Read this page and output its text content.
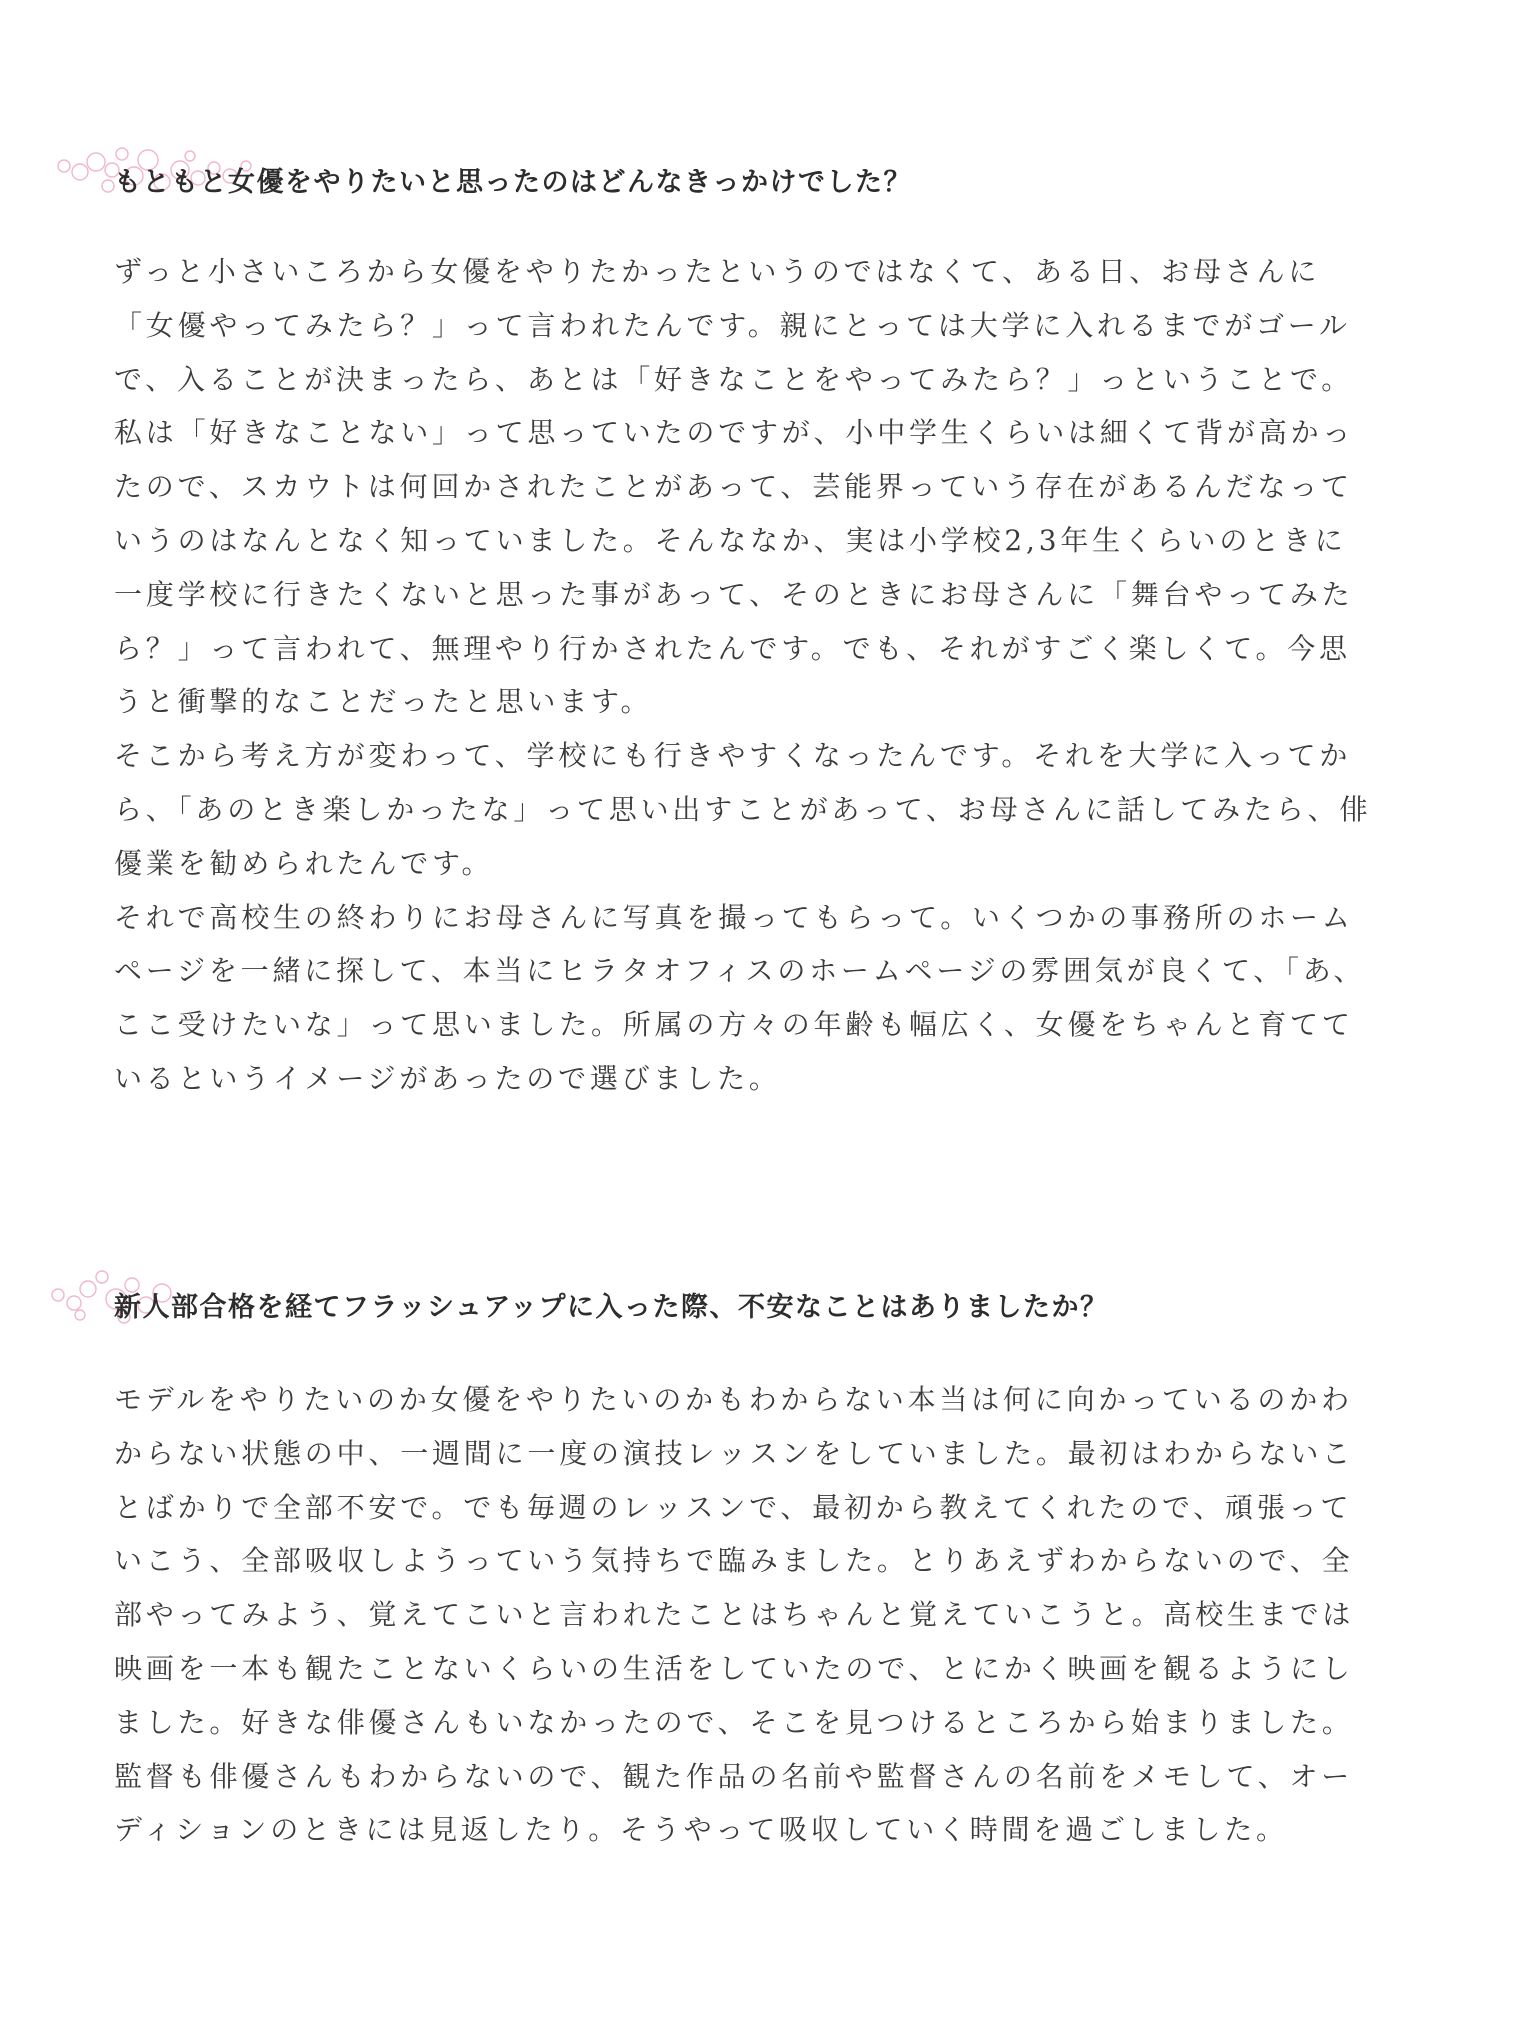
もともと女優をやりたいと思ったのはどんなきっかけでした？

ずっと小さいころから女優をやりたかったというのではなくて、ある日、お母さんに「女優やってみたら？」って言われたんです。親にとっては大学に入れるまでがゴールで、入ることが決まったら、あとは「好きなことをやってみたら？」っということで。私は「好きなことない」って思っていたのですが、小中学生くらいは細くて背が高かったので、スカウトは何回かされたことがあって、芸能界っていう存在があるんだなっていうのはなんとなく知っていました。そんななか、実は小学校2,3年生くらいのときに一度学校に行きたくないと思った事があって、そのときにお母さんに「舞台やってみたら？」って言われて、無理やり行かされたんです。でも、それがすごく楽しくて。今思うと衝撃的なことだったと思います。

そこから考え方が変わって、学校にも行きやすくなったんです。それを大学に入ってから、「あのとき楽しかったな」って思い出すことがあって、お母さんに話してみたら、俳優業を勧められたんです。

それで高校生の終わりにお母さんに写真を撮ってもらって。いくつかの事務所のホームページを一緒に探して、本当にヒラタオフィスのホームページの雰囲気が良くて、「あ、ここ受けたいな」って思いました。所属の方々の年齢も幅広く、女優をちゃんと育てているというイメージがあったので選びました。

新人部合格を経てフラッシュアップに入った際、不安なことはありましたか？

モデルをやりたいのか女優をやりたいのかもわからない本当は何に向かっているのかわからない状態の中、一週間に一度の演技レッスンをしていました。最初はわからないことばかりで全部不安で。でも毎週のレッスンで、最初から教えてくれたので、頑張っていこう、全部吸収しようっていう気持ちで臨みました。とりあえずわからないので、全部やってみよう、覚えてこいと言われたことはちゃんと覚えていこうと。高校生までは映画を一本も観たことないくらいの生活をしていたので、とにかく映画を観るようにしました。好きな俳優さんもいなかったので、そこを見つけるところから始まりました。

監督も俳優さんもわからないので、観た作品の名前や監督さんの名前をメモして、オーディションのときには見返したり。そうやって吸収していく時間を過ごしました。
